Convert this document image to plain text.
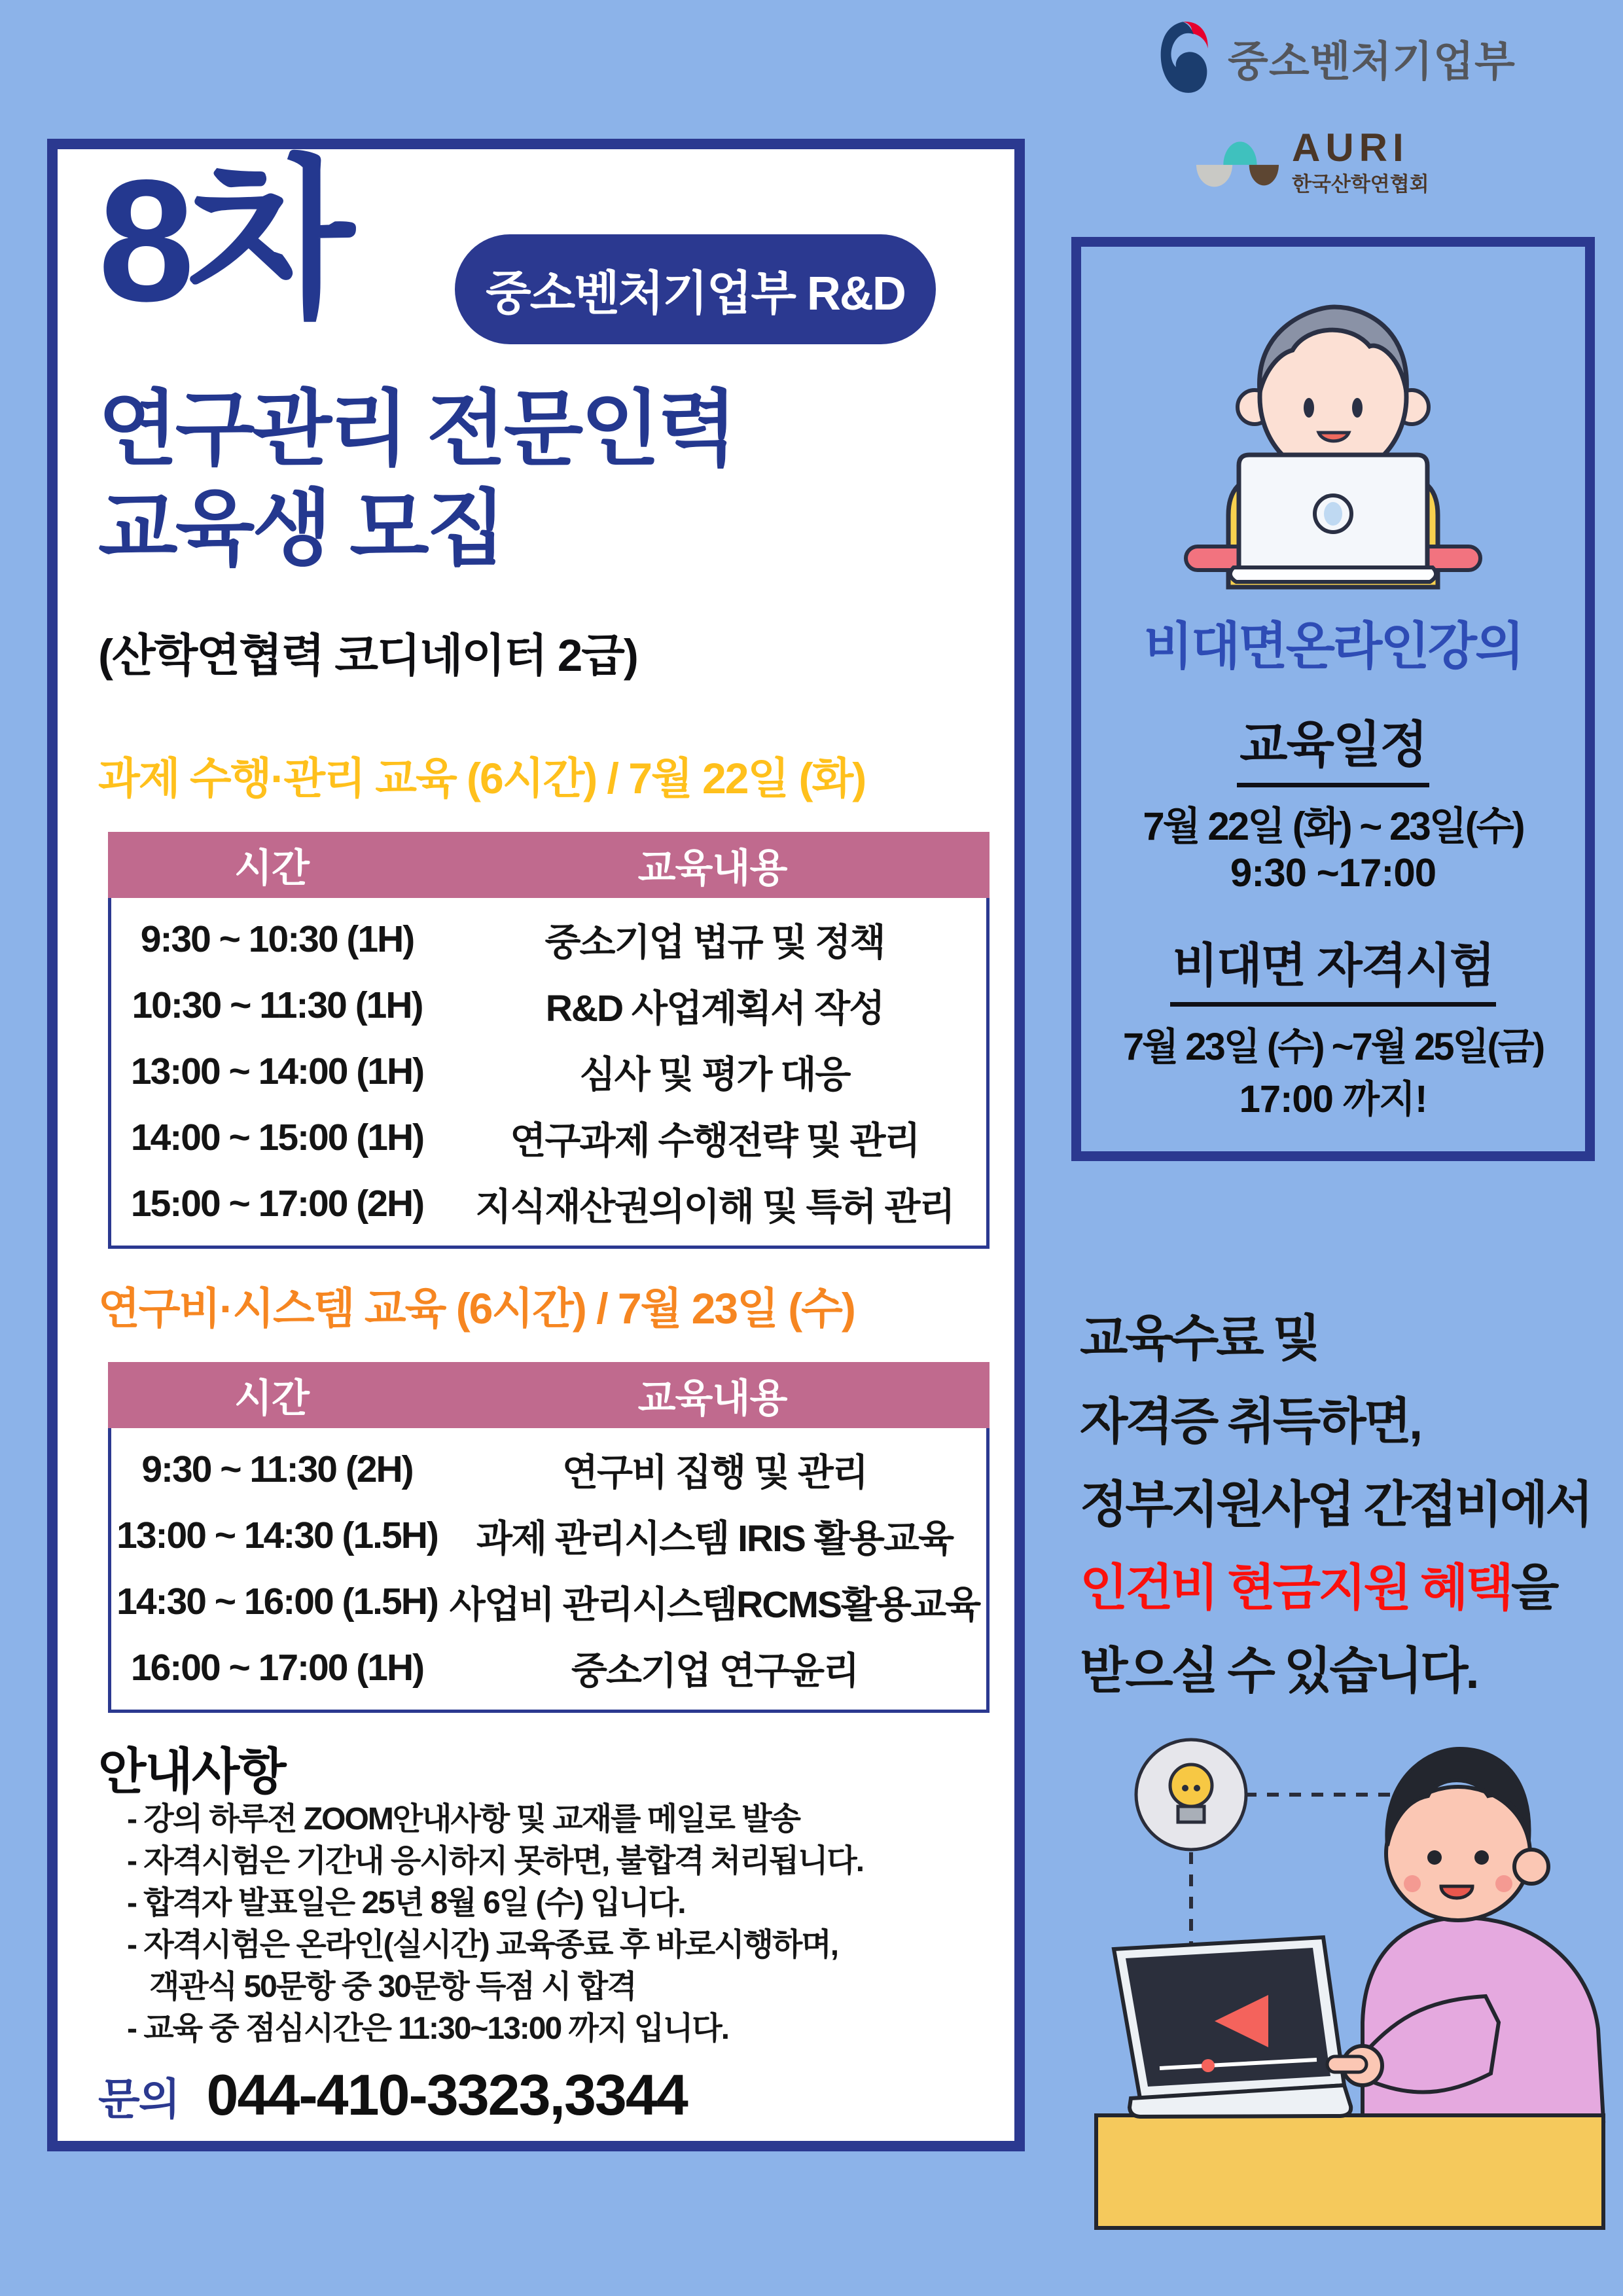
중소벤처기업부
AURI
한국산학연협회
8차	중소벤처기업부 R&D
연구관리 전문인력
교육생 모집
(산학연협력 코디네이터 2급)
과제 수행·관리 교육 (6시간) / 7월 22일 (화)
시간	교육내용
9:30 ~ 10:30 (1H)	중소기업 법규 및 정책
10:30 ~ 11:30 (1H)	R&D 사업계획서 작성
13:00 ~ 14:00 (1H)	심사 및 평가 대응
14:00 ~ 15:00 (1H)	연구과제 수행전략 및 관리
15:00 ~ 17:00 (2H)	지식재산권의이해 및 특허 관리
연구비·시스템 교육 (6시간) / 7월 23일 (수)
시간	교육내용
9:30 ~ 11:30 (2H)	연구비 집행 및 관리
13:00 ~ 14:30 (1.5H)	과제 관리시스템 IRIS 활용교육
14:30 ~ 16:00 (1.5H)	사업비 관리시스템RCMS활용교육
16:00 ~ 17:00 (1H)	중소기업 연구윤리
안내사항
- 강의 하루전 ZOOM안내사항 및 교재를 메일로 발송
- 자격시험은 기간내 응시하지 못하면, 불합격 처리됩니다.
- 합격자 발표일은 25년 8월 6일 (수) 입니다.
- 자격시험은 온라인(실시간) 교육종료 후 바로시행하며,
객관식 50문항 중 30문항 득점 시 합격
- 교육 중 점심시간은 11:30~13:00 까지 입니다.
문의 044-410-3323,3344
비대면온라인강의
교육일정
7월 22일 (화) ~ 23일(수)
9:30 ~17:00
비대면 자격시험
7월 23일 (수) ~7월 25일(금)
17:00 까지!
교육수료 및
자격증 취득하면,
정부지원사업 간접비에서
인건비 현금지원 혜택을
받으실 수 있습니다.
